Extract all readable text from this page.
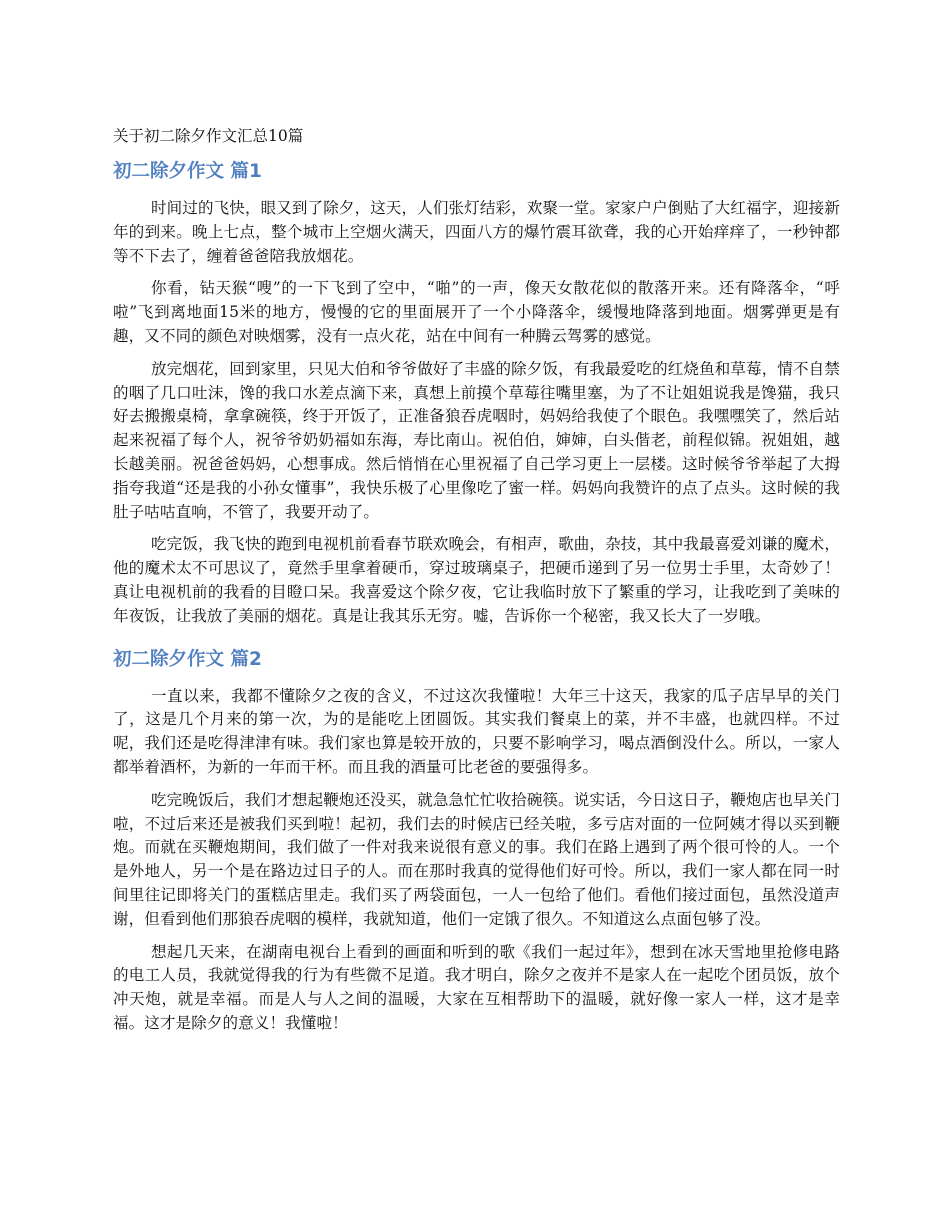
关于初二除夕作文汇总10篇
初二除夕作文 篇1

时间过的飞快，眼又到了除夕，这天，人们张灯结彩，欢聚一堂。家家户户倒贴了大红福字，迎接新年的到来。晚上七点，整个城市上空烟火满天，四面八方的爆竹震耳欲聋，我的心开始痒痒了，一秒钟都等不下去了，缠着爸爸陪我放烟花。

你看，钻天猴“嗖”的一下飞到了空中，“啪”的一声，像天女散花似的散落开来。还有降落伞，“呼啦”飞到离地面15米的地方，慢慢的它的里面展开了一个小降落伞，缓慢地降落到地面。烟雾弹更是有趣，又不同的颜色对映烟雾，没有一点火花，站在中间有一种腾云驾雾的感觉。

放完烟花，回到家里，只见大伯和爷爷做好了丰盛的除夕饭，有我最爱吃的红烧鱼和草莓，情不自禁的咽了几口吐沫，馋的我口水差点滴下来，真想上前摸个草莓往嘴里塞，为了不让姐姐说我是馋猫，我只好去搬搬桌椅，拿拿碗筷，终于开饭了，正准备狼吞虎咽时，妈妈给我使了个眼色。我嘿嘿笑了，然后站起来祝福了每个人，祝爷爷奶奶福如东海，寿比南山。祝伯伯，婶婶，白头偕老，前程似锦。祝姐姐，越长越美丽。祝爸爸妈妈，心想事成。然后悄悄在心里祝福了自己学习更上一层楼。这时候爷爷举起了大拇指夸我道“还是我的小孙女懂事”，我快乐极了心里像吃了蜜一样。妈妈向我赞许的点了点头。这时候的我肚子咕咕直响，不管了，我要开动了。

吃完饭，我飞快的跑到电视机前看春节联欢晚会，有相声，歌曲，杂技，其中我最喜爱刘谦的魔术，他的魔术太不可思议了，竟然手里拿着硬币，穿过玻璃桌子，把硬币递到了另一位男士手里，太奇妙了！真让电视机前的我看的目瞪口呆。我喜爱这个除夕夜，它让我临时放下了繁重的学习，让我吃到了美味的年夜饭，让我放了美丽的烟花。真是让我其乐无穷。嘘，告诉你一个秘密，我又长大了一岁哦。

初二除夕作文 篇2

一直以来，我都不懂除夕之夜的含义，不过这次我懂啦！大年三十这天，我家的瓜子店早早的关门了，这是几个月来的第一次，为的是能吃上团圆饭。其实我们餐桌上的菜，并不丰盛，也就四样。不过呢，我们还是吃得津津有味。我们家也算是较开放的，只要不影响学习，喝点酒倒没什么。所以，一家人都举着酒杯，为新的一年而干杯。而且我的酒量可比老爸的要强得多。

吃完晚饭后，我们才想起鞭炮还没买，就急急忙忙收拾碗筷。说实话，今日这日子，鞭炮店也早关门啦，不过后来还是被我们买到啦！起初，我们去的时候店已经关啦，多亏店对面的一位阿姨才得以买到鞭炮。而就在买鞭炮期间，我们做了一件对我来说很有意义的事。我们在路上遇到了两个很可怜的人。一个是外地人，另一个是在路边过日子的人。而在那时我真的觉得他们好可怜。所以，我们一家人都在同一时间里往记即将关门的蛋糕店里走。我们买了两袋面包，一人一包给了他们。看他们接过面包，虽然没道声谢，但看到他们那狼吞虎咽的模样，我就知道，他们一定饿了很久。不知道这么点面包够了没。

想起几天来，在湖南电视台上看到的画面和听到的歌《我们一起过年》，想到在冰天雪地里抢修电路的电工人员，我就觉得我的行为有些微不足道。我才明白，除夕之夜并不是家人在一起吃个团员饭，放个冲天炮，就是幸福。而是人与人之间的温暖，大家在互相帮助下的温暖，就好像一家人一样，这才是幸福。这才是除夕的意义！我懂啦！
